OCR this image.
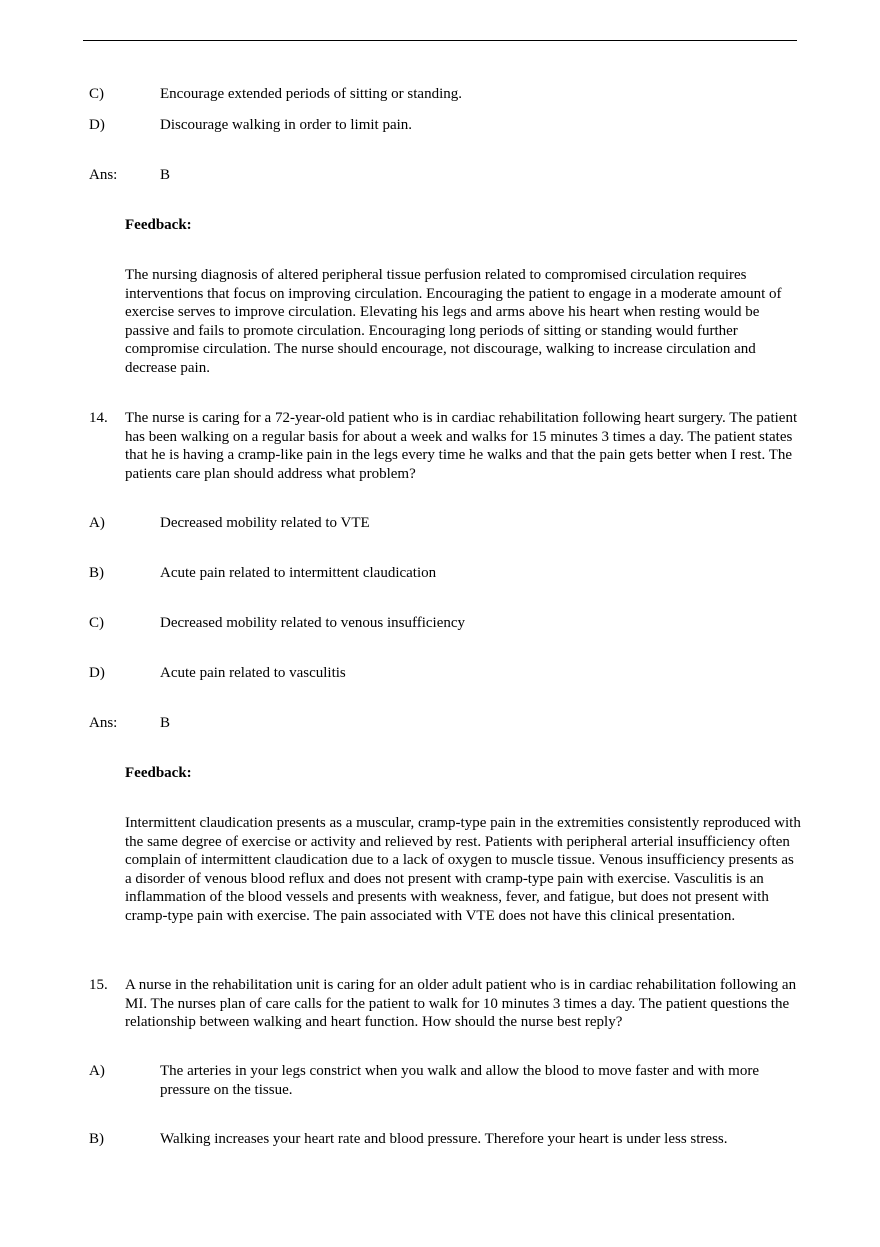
C)	Encourage extended periods of sitting or standing.
D)	Discourage walking in order to limit pain.
Ans:	B
Feedback:
The nursing diagnosis of altered peripheral tissue perfusion related to compromised circulation requires interventions that focus on improving circulation. Encouraging the patient to engage in a moderate amount of exercise serves to improve circulation. Elevating his legs and arms above his heart when resting would be passive and fails to promote circulation. Encouraging long periods of sitting or standing would further compromise circulation. The nurse should encourage, not discourage, walking to increase circulation and decrease pain.
14. The nurse is caring for a 72-year-old patient who is in cardiac rehabilitation following heart surgery. The patient has been walking on a regular basis for about a week and walks for 15 minutes 3 times a day. The patient states that he is having a cramp-like pain in the legs every time he walks and that the pain gets better when I rest. The patients care plan should address what problem?
A)	Decreased mobility related to VTE
B)	Acute pain related to intermittent claudication
C)	Decreased mobility related to venous insufficiency
D)	Acute pain related to vasculitis
Ans:	B
Feedback:
Intermittent claudication presents as a muscular, cramp-type pain in the extremities consistently reproduced with the same degree of exercise or activity and relieved by rest. Patients with peripheral arterial insufficiency often complain of intermittent claudication due to a lack of oxygen to muscle tissue. Venous insufficiency presents as a disorder of venous blood reflux and does not present with cramp-type pain with exercise. Vasculitis is an inflammation of the blood vessels and presents with weakness, fever, and fatigue, but does not present with cramp-type pain with exercise. The pain associated with VTE does not have this clinical presentation.
15. A nurse in the rehabilitation unit is caring for an older adult patient who is in cardiac rehabilitation following an MI. The nurses plan of care calls for the patient to walk for 10 minutes 3 times a day. The patient questions the relationship between walking and heart function. How should the nurse best reply?
A)	The arteries in your legs constrict when you walk and allow the blood to move faster and with more pressure on the tissue.
B)	Walking increases your heart rate and blood pressure. Therefore your heart is under less stress.
